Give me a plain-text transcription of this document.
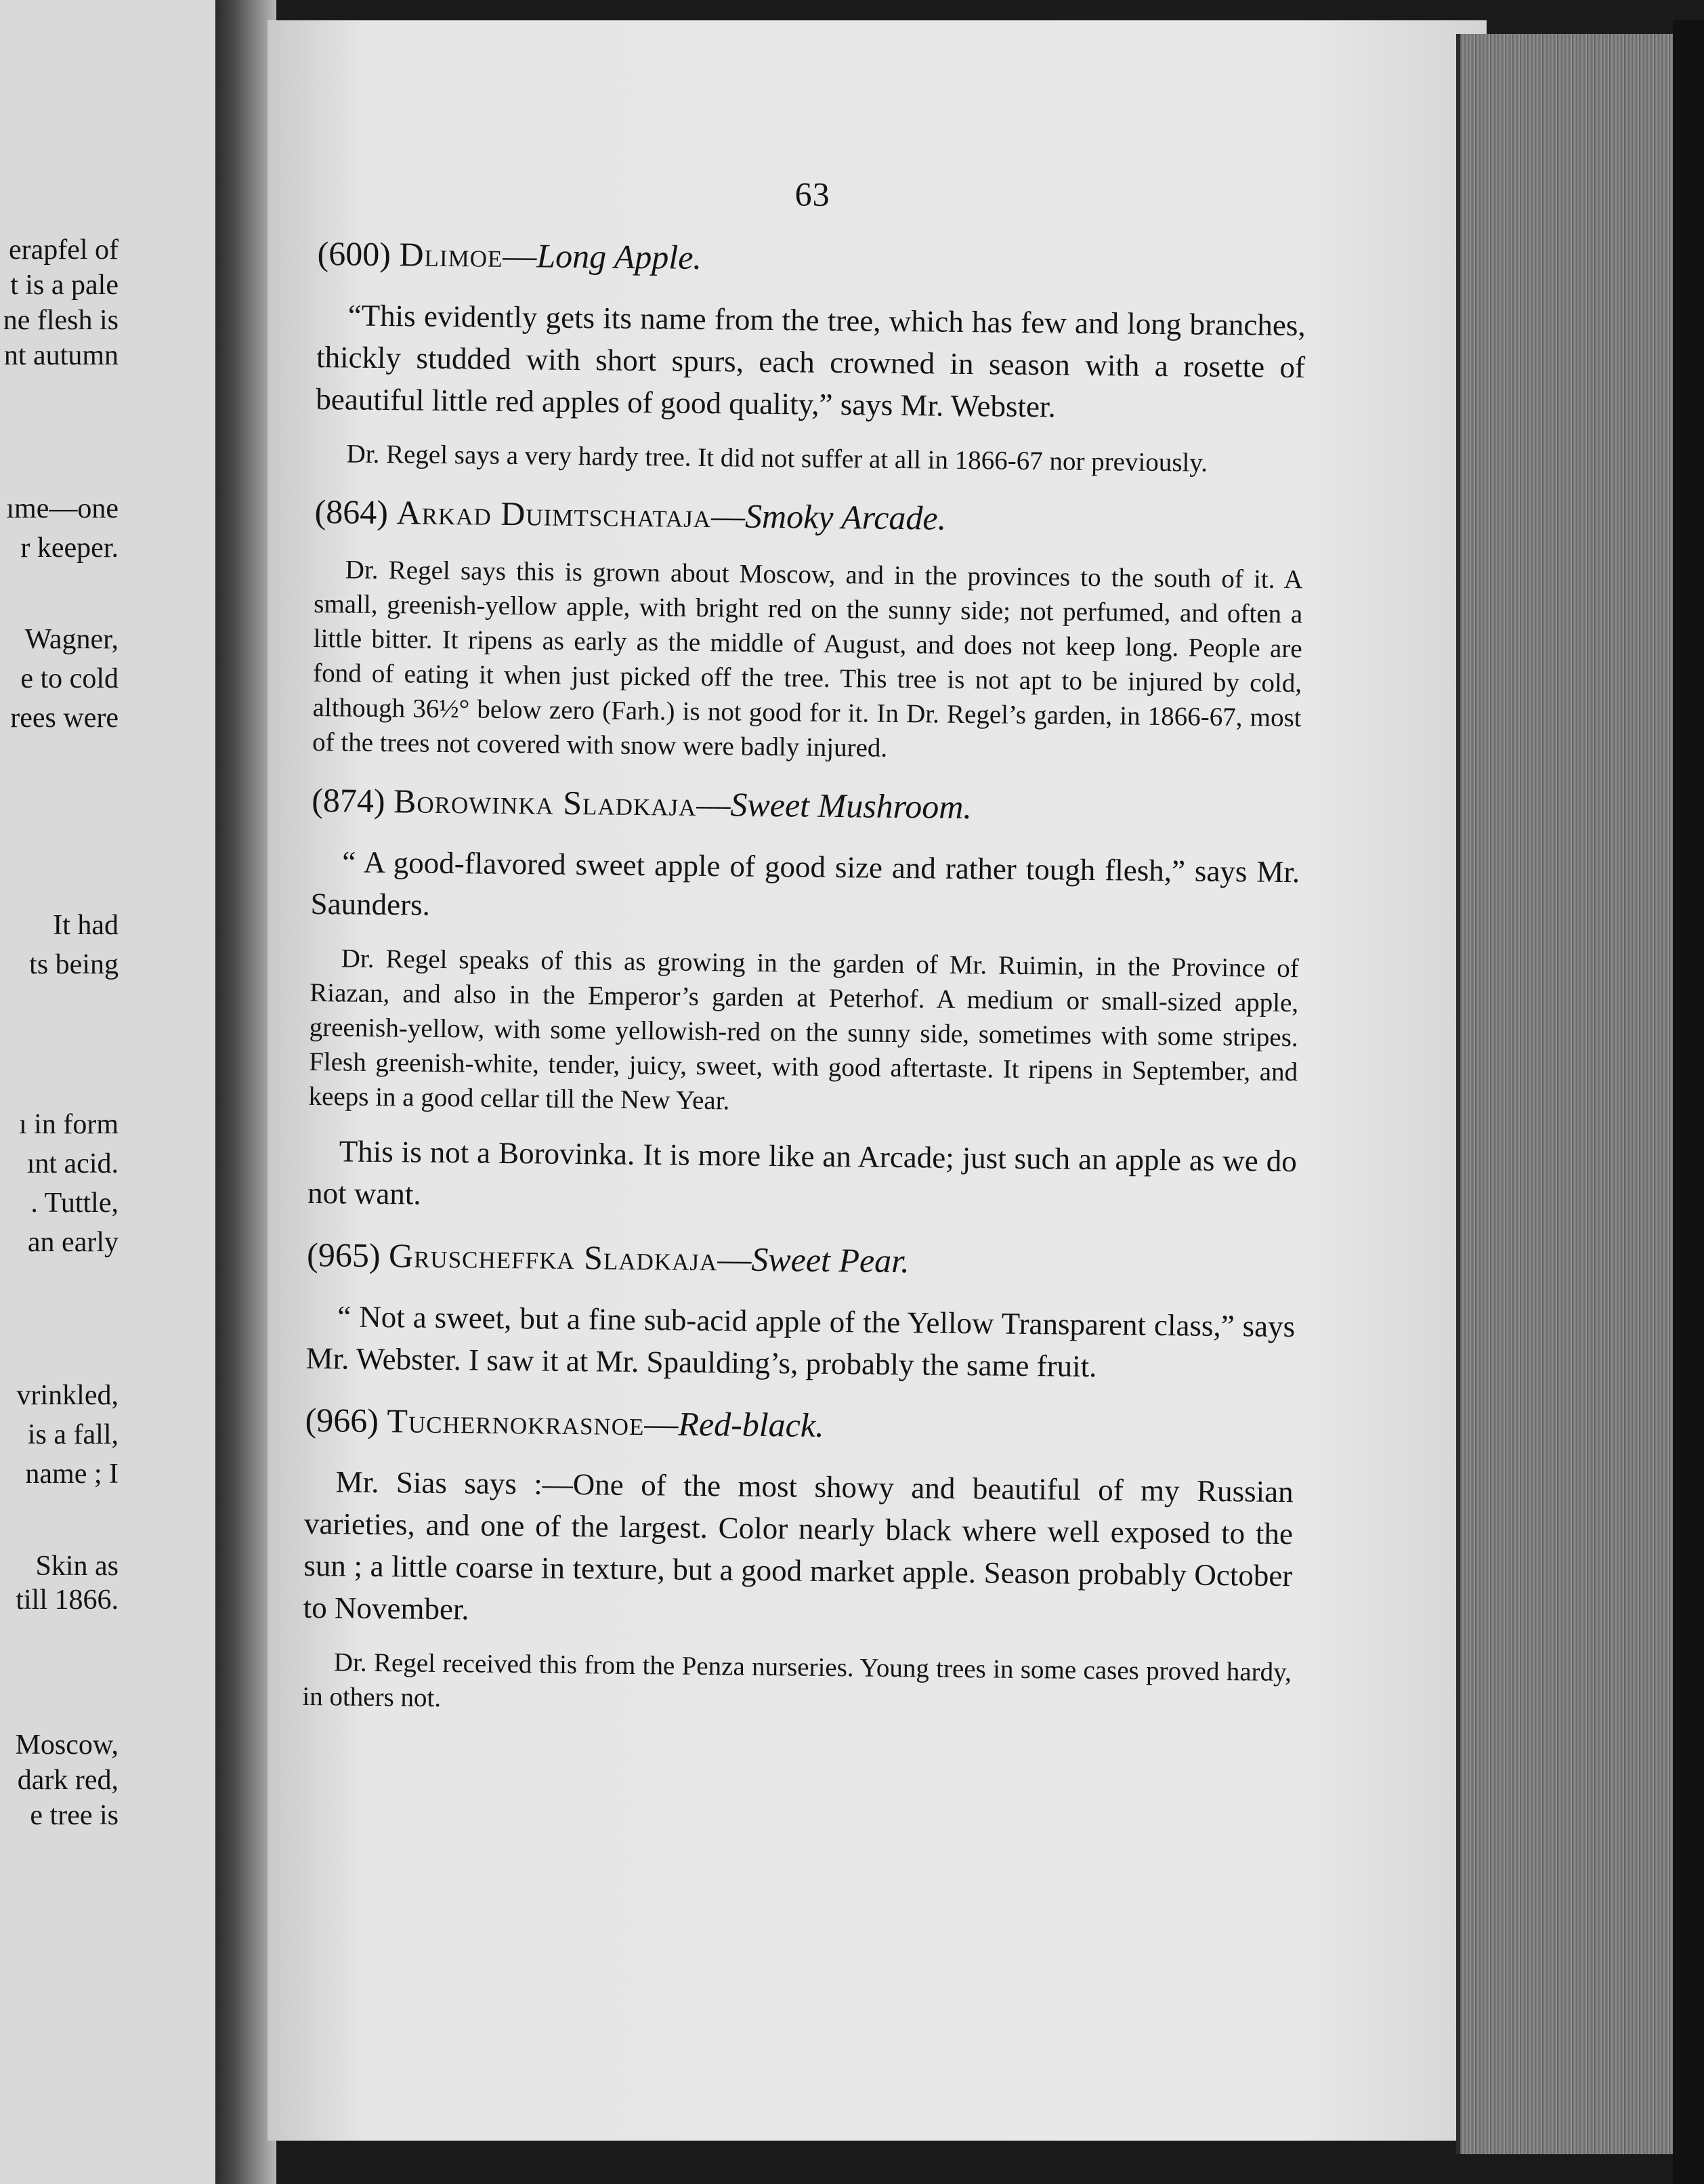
erapfel of
t is a pale
ne flesh is
nt autumn
ıme—one
r keeper.
Wagner,
e to cold
rees were
It had
ts being
ı in form
ınt acid.
. Tuttle,
an early
vrinkled,
is a fall,
name ; I
Skin as
till 1866.
Moscow,
dark red,
e tree is
63
(600) Dlimoe—Long Apple.

“This evidently gets its name from the tree, which has few and long branches, thickly studded with short spurs, each crowned in season with a rosette of beautiful little red apples of good quality,” says Mr. Webster.

Dr. Regel says a very hardy tree. It did not suffer at all in 1866-67 nor previously.

(864) Arkad Duimtschataja—Smoky Arcade.

Dr. Regel says this is grown about Moscow, and in the provinces to the south of it. A small, greenish-yellow apple, with bright red on the sunny side; not perfumed, and often a little bitter. It ripens as early as the middle of August, and does not keep long. People are fond of eating it when just picked off the tree. This tree is not apt to be injured by cold, although 36½° below zero (Farh.) is not good for it. In Dr. Regel’s garden, in 1866-67, most of the trees not covered with snow were badly injured.

(874) Borowinka Sladkaja—Sweet Mushroom.

“ A good-flavored sweet apple of good size and rather tough flesh,” says Mr. Saunders.

Dr. Regel speaks of this as growing in the garden of Mr. Ruimin, in the Province of Riazan, and also in the Emperor’s garden at Peterhof. A medium or small-sized apple, greenish-yellow, with some yellowish-red on the sunny side, sometimes with some stripes. Flesh greenish-white, tender, juicy, sweet, with good aftertaste. It ripens in September, and keeps in a good cellar till the New Year.

This is not a Borovinka. It is more like an Arcade; just such an apple as we do not want.

(965) Gruscheffka Sladkaja—Sweet Pear.

“ Not a sweet, but a fine sub-acid apple of the Yellow Transparent class,” says Mr. Webster. I saw it at Mr. Spaulding’s, probably the same fruit.

(966) Tuchernokrasnoe—Red-black.

Mr. Sias says :—One of the most showy and beautiful of my Russian varieties, and one of the largest. Color nearly black where well exposed to the sun ; a little coarse in texture, but a good market apple. Season probably October to November.

Dr. Regel received this from the Penza nurseries. Young trees in some cases proved hardy, in others not.
